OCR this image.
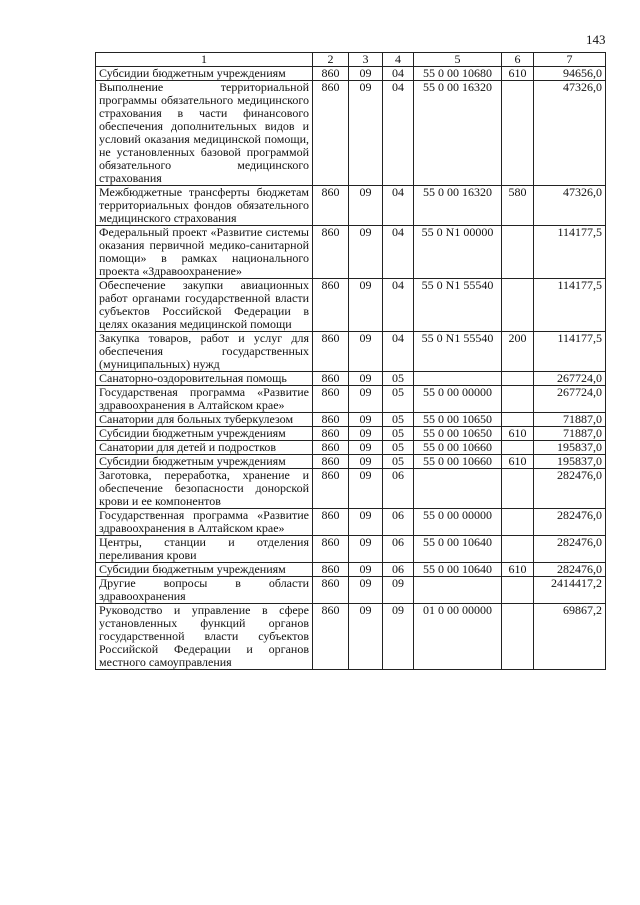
143
1	2	3	4	5	6	7
Субсидии бюджетным учреждениям	860	09	04	55 0 00 10680	610	94656,0
Выполнение территориальной программы обязательного медицинского страхования в части финансового обеспечения дополнительных видов и условий оказания медицинской помощи, не установленных базовой программой обязательного медицинского страхования	860	09	04	55 0 00 16320		47326,0
Межбюджетные трансферты бюджетам территориальных фондов обязательного медицинского страхования	860	09	04	55 0 00 16320	580	47326,0
Федеральный проект «Развитие системы оказания первичной медико-санитарной помощи» в рамках национального проекта «Здравоохранение»	860	09	04	55 0 N1 00000		114177,5
Обеспечение закупки авиационных работ органами государственной власти субъектов Российской Федерации в целях оказания медицинской помощи	860	09	04	55 0 N1 55540		114177,5
Закупка товаров, работ и услуг для обеспечения государственных (муниципальных) нужд	860	09	04	55 0 N1 55540	200	114177,5
Санаторно-оздоровительная помощь	860	09	05			267724,0
Государственая программа «Развитие здравоохранения в Алтайском крае»	860	09	05	55 0 00 00000		267724,0
Санатории для больных туберкулезом	860	09	05	55 0 00 10650		71887,0
Субсидии бюджетным учреждениям	860	09	05	55 0 00 10650	610	71887,0
Санатории для детей и подростков	860	09	05	55 0 00 10660		195837,0
Субсидии бюджетным учреждениям	860	09	05	55 0 00 10660	610	195837,0
Заготовка, переработка, хранение и обеспечение безопасности донорской крови и ее компонентов	860	09	06			282476,0
Государственная программа «Развитие здравоохранения в Алтайском крае»	860	09	06	55 0 00 00000		282476,0
Центры, станции и отделения переливания крови	860	09	06	55 0 00 10640		282476,0
Субсидии бюджетным учреждениям	860	09	06	55 0 00 10640	610	282476,0
Другие вопросы в области здравоохранения	860	09	09			2414417,2
Руководство и управление в сфере установленных функций органов государственной власти субъектов Российской Федерации и органов местного самоуправления	860	09	09	01 0 00 00000		69867,2
